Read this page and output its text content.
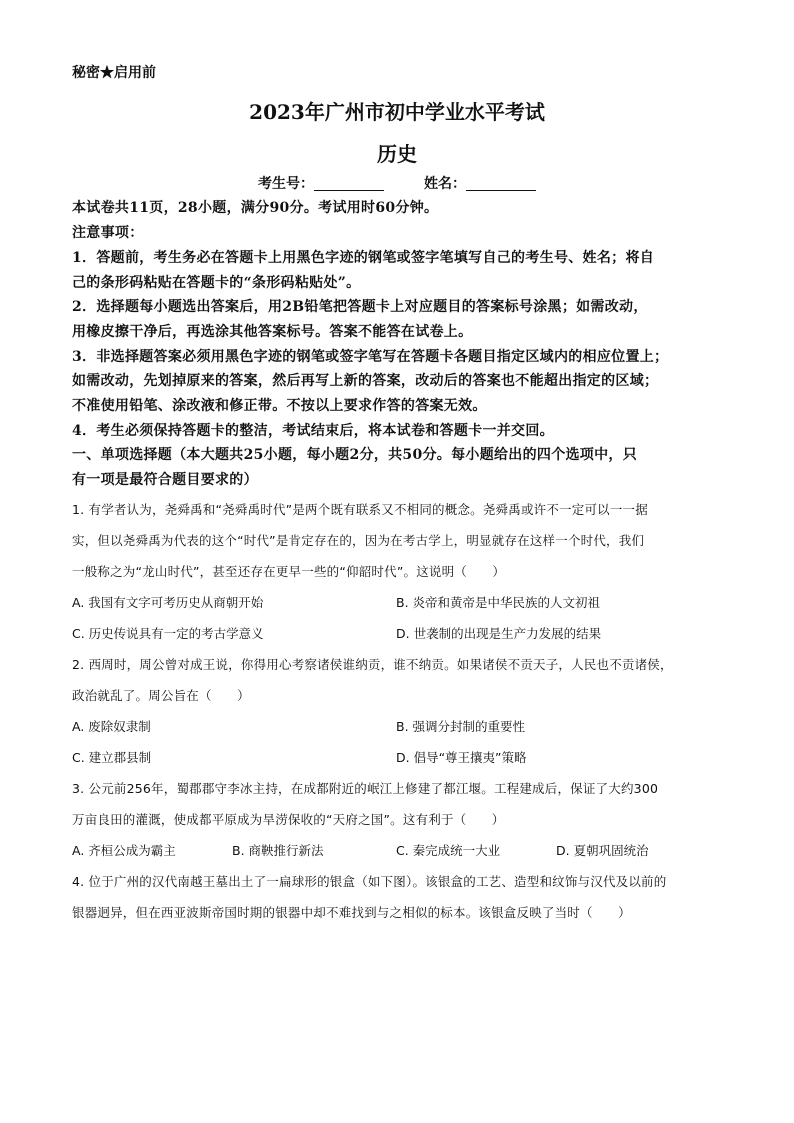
秘密★启用前
2023年广州市初中学业水平考试
历史
考生号：	姓名：
本试卷共11页，28小题，满分90分。考试用时60分钟。
注意事项：
1．答题前，考生务必在答题卡上用黑色字迹的钢笔或签字笔填写自己的考生号、姓名；将自
己的条形码粘贴在答题卡的“条形码粘贴处”。
2．选择题每小题选出答案后，用2B铅笔把答题卡上对应题目的答案标号涂黑；如需改动，
用橡皮擦干净后，再选涂其他答案标号。答案不能答在试卷上。
3．非选择题答案必须用黑色字迹的钢笔或签字笔写在答题卡各题目指定区域内的相应位置上；
如需改动，先划掉原来的答案，然后再写上新的答案，改动后的答案也不能超出指定的区域；
不准使用铅笔、涂改液和修正带。不按以上要求作答的答案无效。
4．考生必须保持答题卡的整洁，考试结束后，将本试卷和答题卡一并交回。
一、单项选择题（本大题共25小题，每小题2分，共50分。每小题给出的四个选项中，只
有一项是最符合题目要求的）
1. 有学者认为，尧舜禹和“尧舜禹时代”是两个既有联系又不相同的概念。尧舜禹或许不一定可以一一据
实，但以尧舜禹为代表的这个“时代”是肯定存在的，因为在考古学上，明显就存在这样一个时代，我们
一般称之为“龙山时代”，甚至还存在更早一些的“仰韶时代”。这说明（　　）
A. 我国有文字可考历史从商朝开始	B. 炎帝和黄帝是中华民族的人文初祖
C. 历史传说具有一定的考古学意义	D. 世袭制的出现是生产力发展的结果
2. 西周时，周公曾对成王说，你得用心考察诸侯谁纳贡，谁不纳贡。如果诸侯不贡天子，人民也不贡诸侯，
政治就乱了。周公旨在（　　）
A. 废除奴隶制	B. 强调分封制的重要性
C. 建立郡县制	D. 倡导“尊王攘夷”策略
3. 公元前256年，蜀郡郡守李冰主持，在成都附近的岷江上修建了都江堰。工程建成后，保证了大约300
万亩良田的灌溉，使成都平原成为旱涝保收的“天府之国”。这有利于（　　）
A. 齐桓公成为霸主	B. 商鞅推行新法	C. 秦完成统一大业	D. 夏朝巩固统治
4. 位于广州的汉代南越王墓出土了一扁球形的银盒（如下图）。该银盒的工艺、造型和纹饰与汉代及以前的
银器迥异，但在西亚波斯帝国时期的银器中却不难找到与之相似的标本。该银盒反映了当时（　　）
